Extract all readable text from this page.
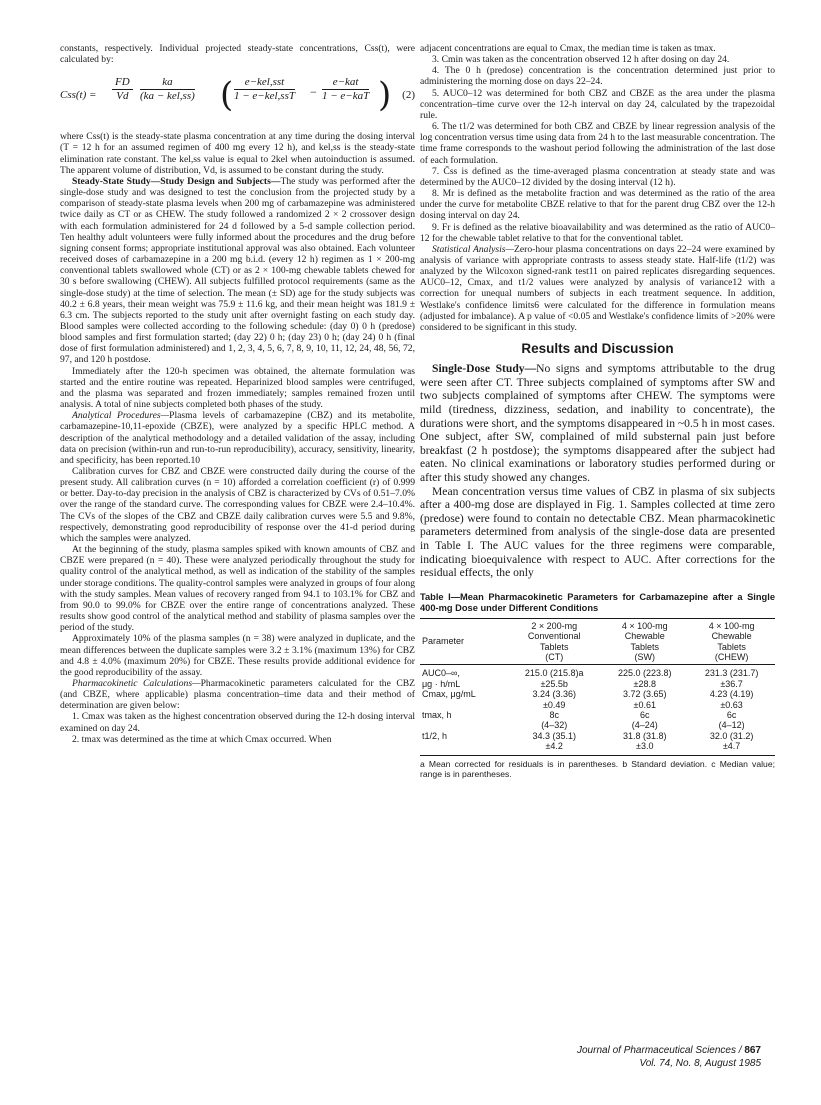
constants, respectively. Individual projected steady-state concentrations, Css(t), were calculated by:

$Css(t) = \frac{FD}{Vd}$	ka
(ka − kel,ss) (	e−kel,sst
1 − e−kel,ssT −
e−kat
1 − e−kaT ) (2)

where Css(t) is the steady-state plasma concentration at any time during the dosing interval (T = 12 h for an assumed regimen of 400 mg every 12 h), and kel,ss is the steady-state elimination rate constant. The kel,ss value is equal to 2kel when autoinduction is assumed. The apparent volume of distribution, Vd, is assumed to be constant during the study.

Steady-State Study—Study Design and Subjects—The study was performed after the single-dose study and was designed to test the conclusion from the projected study by a comparison of steady-state plasma levels when 200 mg of carbamazepine was administered twice daily as CT or as CHEW. The study followed a randomized 2 × 2 crossover design with each formulation administered for 24 d followed by a 5-d sample collection period. Ten healthy adult volunteers were fully informed about the procedures and the drug before signing consent forms; appropriate institutional approval was also obtained. Each volunteer received doses of carbamazepine in a 200 mg b.i.d. (every 12 h) regimen as 1 × 200-mg conventional tablets swallowed whole (CT) or as 2 × 100-mg chewable tablets chewed for 30 s before swallowing (CHEW). All subjects fulfilled protocol requirements (same as the single-dose study) at the time of selection. The mean (± SD) age for the study subjects was 40.2 ± 6.8 years, their mean weight was 75.9 ± 11.6 kg, and their mean height was 181.9 ± 6.3 cm. The subjects reported to the study unit after overnight fasting on each study day. Blood samples were collected according to the following schedule: (day 0) 0 h (predose) blood samples and first formulation started; (day 22) 0 h; (day 23) 0 h; (day 24) 0 h (final dose of first formulation administered) and 1, 2, 3, 4, 5, 6, 7, 8, 9, 10, 11, 12, 24, 48, 56, 72, 97, and 120 h postdose.

Immediately after the 120-h specimen was obtained, the alternate formulation was started and the entire routine was repeated. Heparinized blood samples were centrifuged, and the plasma was separated and frozen immediately; samples remained frozen until analysis. A total of nine subjects completed both phases of the study.

Analytical Procedures—Plasma levels of carbamazepine (CBZ) and its metabolite, carbamazepine-10,11-epoxide (CBZE), were analyzed by a specific HPLC method. A description of the analytical methodology and a detailed validation of the assay, including data on precision (within-run and run-to-run reproducibility), accuracy, sensitivity, linearity, and specificity, has been reported.10

Calibration curves for CBZ and CBZE were constructed daily during the course of the present study. All calibration curves (n = 10) afforded a correlation coefficient (r) of 0.999 or better. Day-to-day precision in the analysis of CBZ is characterized by CVs of 0.51–7.0% over the range of the standard curve. The corresponding values for CBZE were 2.4–10.4%. The CVs of the slopes of the CBZ and CBZE daily calibration curves were 5.5 and 9.8%, respectively, demonstrating good reproducibility of response over the 41-d period during which the samples were analyzed.

At the beginning of the study, plasma samples spiked with known amounts of CBZ and CBZE were prepared (n = 40). These were analyzed periodically throughout the study for quality control of the analytical method, as well as indication of the stability of the samples under storage conditions. The quality-control samples were analyzed in groups of four along with the study samples. Mean values of recovery ranged from 94.1 to 103.1% for CBZ and from 90.0 to 99.0% for CBZE over the entire range of concentrations analyzed. These results show good control of the analytical method and stability of plasma samples over the period of the study.

Approximately 10% of the plasma samples (n = 38) were analyzed in duplicate, and the mean differences between the duplicate samples were 3.2 ± 3.1% (maximum 13%) for CBZ and 4.8 ± 4.0% (maximum 20%) for CBZE. These results provide additional evidence for the good reproducibility of the assay.

Pharmacokinetic Calculations—Pharmacokinetic parameters calculated for the CBZ (and CBZE, where applicable) plasma concentration–time data and their method of determination are given below:

1. Cmax was taken as the highest concentration observed during the 12-h dosing interval examined on day 24.

2. tmax was determined as the time at which Cmax occurred. When

adjacent concentrations are equal to Cmax, the median time is taken as tmax.

3. Cmin was taken as the concentration observed 12 h after dosing on day 24.

4. The 0 h (predose) concentration is the concentration determined just prior to administering the morning dose on days 22–24.

5. AUC0–12 was determined for both CBZ and CBZE as the area under the plasma concentration–time curve over the 12-h interval on day 24, calculated by the trapezoidal rule.

6. The t1/2 was determined for both CBZ and CBZE by linear regression analysis of the log concentration versus time using data from 24 h to the last measurable concentration. The time frame corresponds to the washout period following the administration of the last dose of each formulation.

7. C̄ss is defined as the time-averaged plasma concentration at steady state and was determined by the AUC0–12 divided by the dosing interval (12 h).

8. Mr is defined as the metabolite fraction and was determined as the ratio of the area under the curve for metabolite CBZE relative to that for the parent drug CBZ over the 12-h dosing interval on day 24.

9. Fr is defined as the relative bioavailability and was determined as the ratio of AUC0–12 for the chewable tablet relative to that for the conventional tablet.

Statistical Analysis—Zero-hour plasma concentrations on days 22–24 were examined by analysis of variance with appropriate contrasts to assess steady state. Half-life (t1/2) was analyzed by the Wilcoxon signed-rank test11 on paired replicates disregarding sequences. AUC0–12, Cmax, and t1/2 values were analyzed by analysis of variance12 with a correction for unequal numbers of subjects in each treatment sequence. In addition, Westlake's confidence limits6 were calculated for the difference in formulation means (adjusted for imbalance). A p value of <0.05 and Westlake's confidence limits of >20% were considered to be significant in this study.

Results and Discussion

Single-Dose Study—No signs and symptoms attributable to the drug were seen after CT. Three subjects complained of symptoms after SW and two subjects complained of symptoms after CHEW. The symptoms were mild (tiredness, dizziness, sedation, and inability to concentrate), the durations were short, and the symptoms disappeared in ~0.5 h in most cases. One subject, after SW, complained of mild substernal pain just before breakfast (2 h postdose); the symptoms disappeared after the subject had eaten. No clinical examinations or laboratory studies performed during or after this study showed any changes.

Mean concentration versus time values of CBZ in plasma of six subjects after a 400-mg dose are displayed in Fig. 1. Samples collected at time zero (predose) were found to contain no detectable CBZ. Mean pharmacokinetic parameters determined from analysis of the single-dose data are presented in Table I. The AUC values for the three regimens were comparable, indicating bioequivalence with respect to AUC. After corrections for the residual effects, the only

Table I—Mean Pharmacokinetic Parameters for Carbamazepine after a Single 400-mg Dose under Different Conditions
Parameter	2 × 200-mg
Conventional
Tablets
(CT)	4 × 100-mg
Chewable
Tablets
(SW)	4 × 100-mg
Chewable
Tablets
(CHEW)
AUC0–∞,	215.0 (215.8)a	225.0 (223.8)	231.3 (231.7)
μg · h/mL	±25.5b	±28.8	±36.7
Cmax, μg/mL	3.24 (3.36)	3.72 (3.65)	4.23 (4.19)
	±0.49	±0.61	±0.63
tmax, h	8c	6c	6c
	(4–32)	(4–24)	(4–12)
t1/2, h	34.3 (35.1)	31.8 (31.8)	32.0 (31.2)
	±4.2	±3.0	±4.7
a Mean corrected for residuals is in parentheses. b Standard deviation. c Median value; range is in parentheses.
Journal of Pharmaceutical Sciences / 867
Vol. 74, No. 8, August 1985
